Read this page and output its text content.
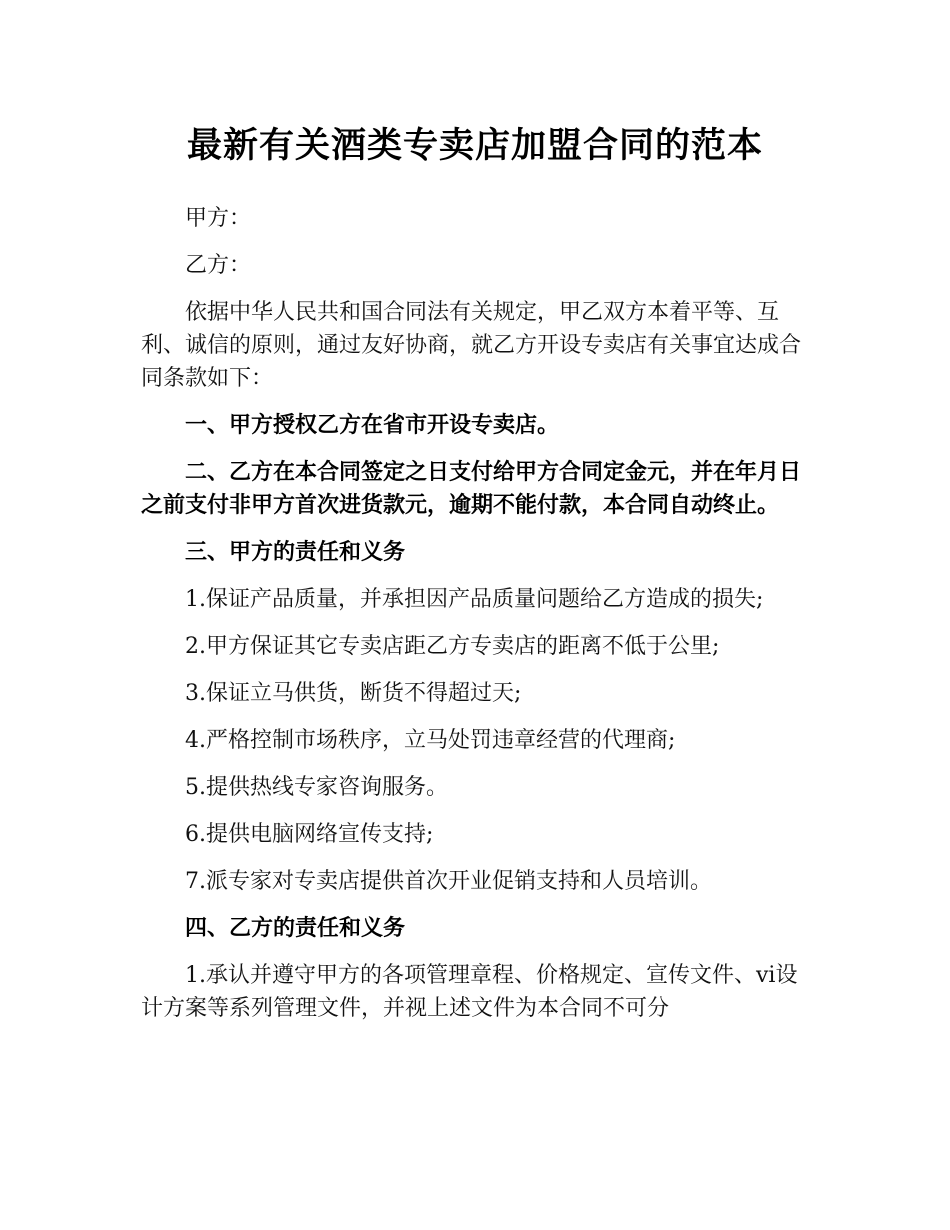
最新有关酒类专卖店加盟合同的范本

甲方：

乙方：

依据中华人民共和国合同法有关规定，甲乙双方本着平等、互利、诚信的原则，通过友好协商，就乙方开设专卖店有关事宜达成合同条款如下：

一、甲方授权乙方在省市开设专卖店。

二、乙方在本合同签定之日支付给甲方合同定金元，并在年月日之前支付非甲方首次进货款元，逾期不能付款，本合同自动终止。

三、甲方的责任和义务

1.保证产品质量，并承担因产品质量问题给乙方造成的损失;

2.甲方保证其它专卖店距乙方专卖店的距离不低于公里;

3.保证立马供货，断货不得超过天;

4.严格控制市场秩序，立马处罚违章经营的代理商;

5.提供热线专家咨询服务。

6.提供电脑网络宣传支持;

7.派专家对专卖店提供首次开业促销支持和人员培训。

四、乙方的责任和义务

1.承认并遵守甲方的各项管理章程、价格规定、宣传文件、vi设计方案等系列管理文件，并视上述文件为本合同不可分
